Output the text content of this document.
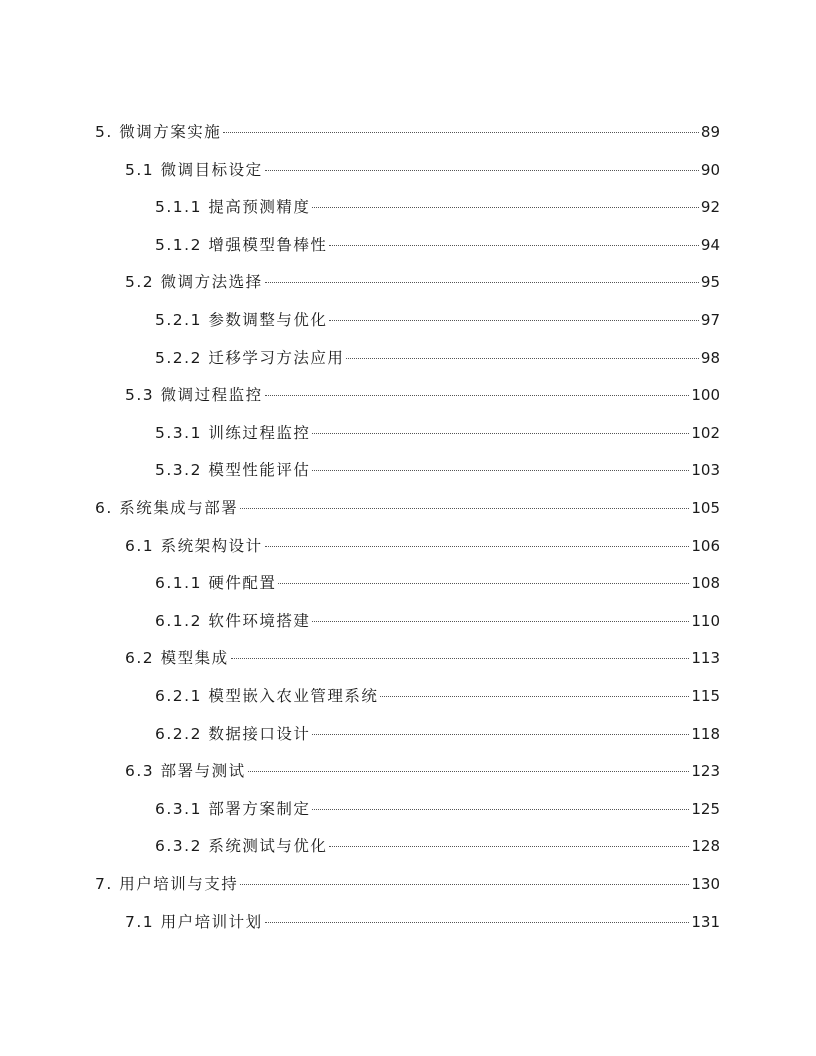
5. 微调方案实施	89
5.1 微调目标设定	90
5.1.1 提高预测精度	92
5.1.2 增强模型鲁棒性	94
5.2 微调方法选择	95
5.2.1 参数调整与优化	97
5.2.2 迁移学习方法应用	98
5.3 微调过程监控	100
5.3.1 训练过程监控	102
5.3.2 模型性能评估	103
6. 系统集成与部署	105
6.1 系统架构设计	106
6.1.1 硬件配置	108
6.1.2 软件环境搭建	110
6.2 模型集成	113
6.2.1 模型嵌入农业管理系统	115
6.2.2 数据接口设计	118
6.3 部署与测试	123
6.3.1 部署方案制定	125
6.3.2 系统测试与优化	128
7. 用户培训与支持	130
7.1 用户培训计划	131
